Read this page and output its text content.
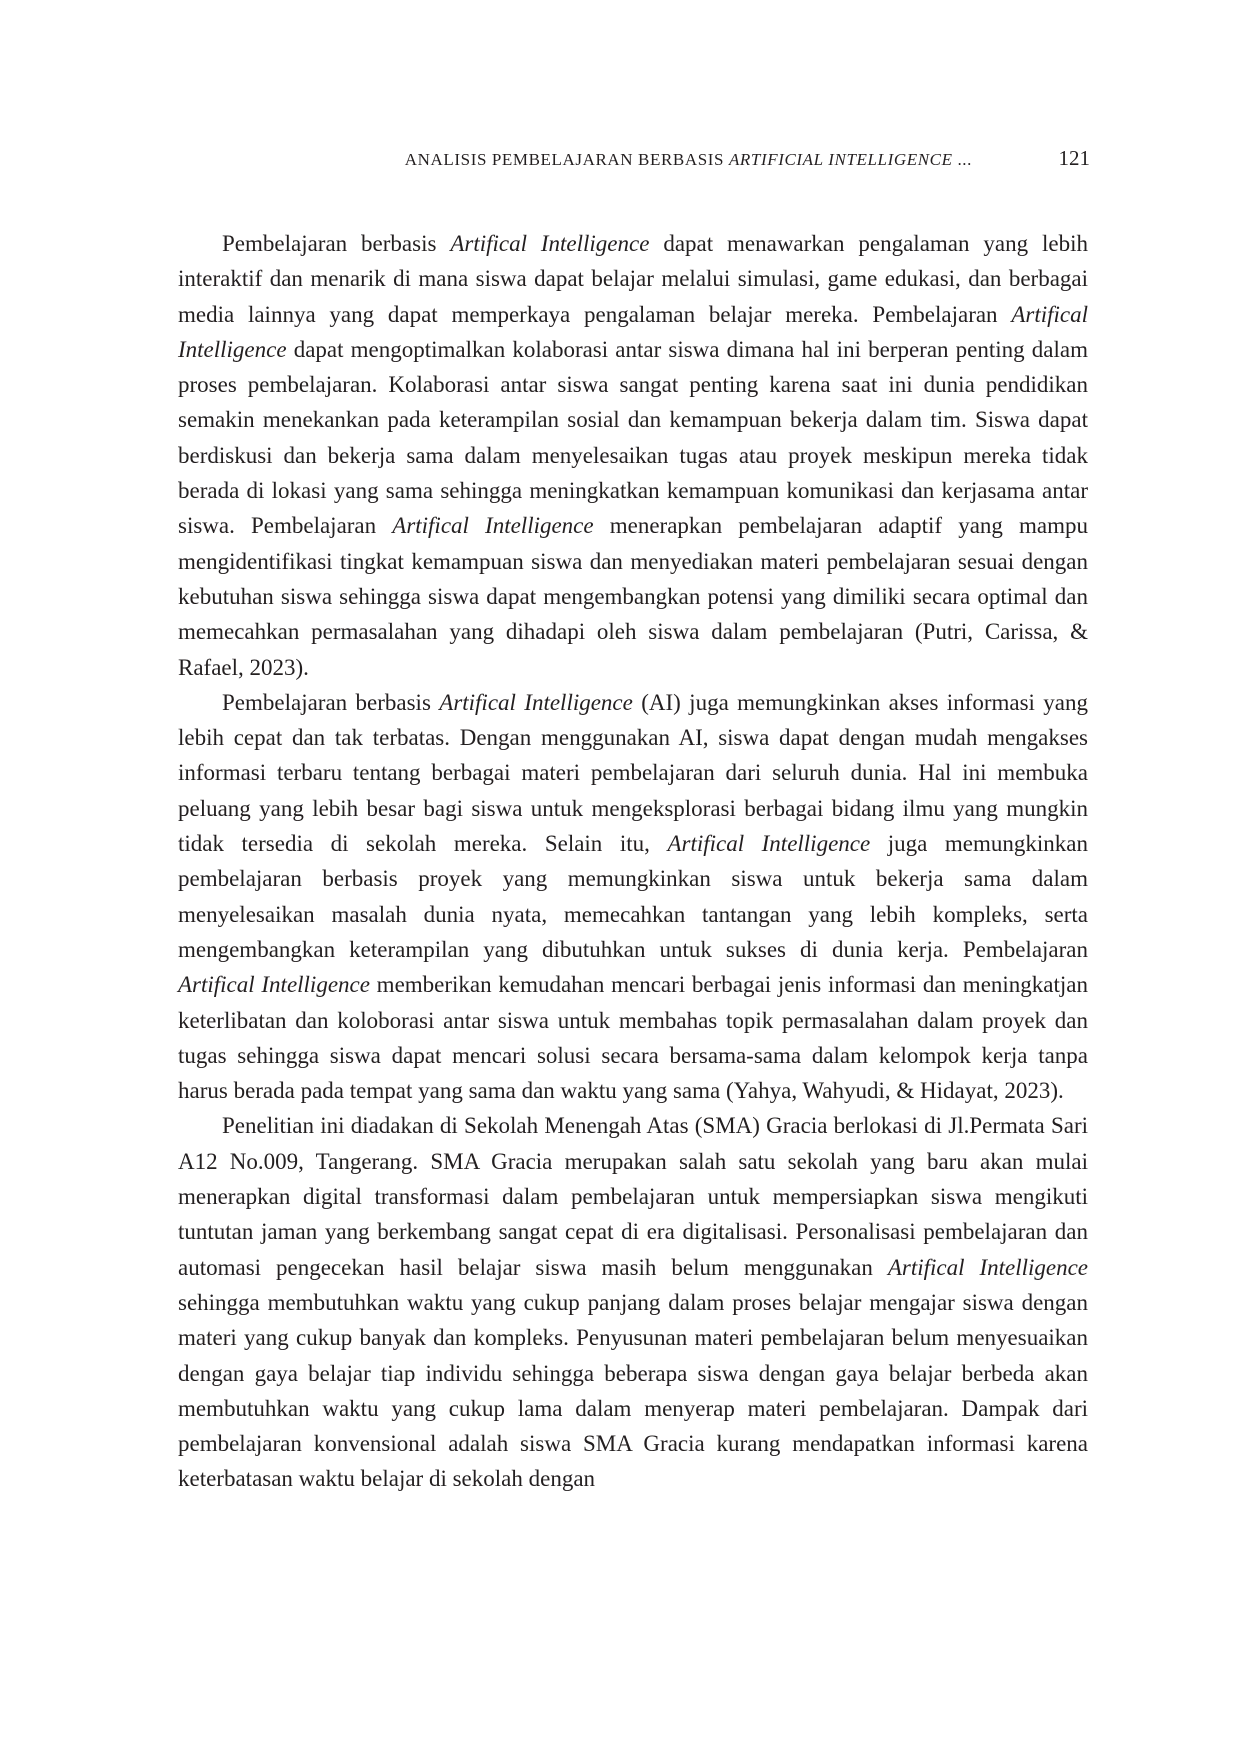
ANALISIS PEMBELAJARAN BERBASIS ARTIFICIAL INTELLIGENCE ...	121

Pembelajaran berbasis Artifical Intelligence dapat menawarkan pengalaman yang lebih interaktif dan menarik di mana siswa dapat belajar melalui simulasi, game edukasi, dan berbagai media lainnya yang dapat memperkaya pengalaman belajar mereka. Pembelajaran Artifical Intelligence dapat mengoptimalkan kolaborasi antar siswa dimana hal ini berperan penting dalam proses pembelajaran. Kolaborasi antar siswa sangat penting karena saat ini dunia pendidikan semakin menekankan pada keterampilan sosial dan kemampuan bekerja dalam tim. Siswa dapat berdiskusi dan bekerja sama dalam menyelesaikan tugas atau proyek meskipun mereka tidak berada di lokasi yang sama sehingga meningkatkan kemampuan komunikasi dan kerjasama antar siswa. Pembelajaran Artifical Intelligence menerapkan pembelajaran adaptif yang mampu mengidentifikasi tingkat kemampuan siswa dan menyediakan materi pembelajaran sesuai dengan kebutuhan siswa sehingga siswa dapat mengembangkan potensi yang dimiliki secara optimal dan memecahkan permasalahan yang dihadapi oleh siswa dalam pembelajaran (Putri, Carissa, & Rafael, 2023).

Pembelajaran berbasis Artifical Intelligence (AI) juga memungkinkan akses informasi yang lebih cepat dan tak terbatas. Dengan menggunakan AI, siswa dapat dengan mudah mengakses informasi terbaru tentang berbagai materi pembelajaran dari seluruh dunia. Hal ini membuka peluang yang lebih besar bagi siswa untuk mengeksplorasi berbagai bidang ilmu yang mungkin tidak tersedia di sekolah mereka. Selain itu, Artifical Intelligence juga memungkinkan pembelajaran berbasis proyek yang memungkinkan siswa untuk bekerja sama dalam menyelesaikan masalah dunia nyata, memecahkan tantangan yang lebih kompleks, serta mengembangkan keterampilan yang dibutuhkan untuk sukses di dunia kerja. Pembelajaran Artifical Intelligence memberikan kemudahan mencari berbagai jenis informasi dan meningkatjan keterlibatan dan koloborasi antar siswa untuk membahas topik permasalahan dalam proyek dan tugas sehingga siswa dapat mencari solusi secara bersama-sama dalam kelompok kerja tanpa harus berada pada tempat yang sama dan waktu yang sama (Yahya, Wahyudi, & Hidayat, 2023).

Penelitian ini diadakan di Sekolah Menengah Atas (SMA) Gracia berlokasi di Jl.Permata Sari A12 No.009, Tangerang. SMA Gracia merupakan salah satu sekolah yang baru akan mulai menerapkan digital transformasi dalam pembelajaran untuk mempersiapkan siswa mengikuti tuntutan jaman yang berkembang sangat cepat di era digitalisasi. Personalisasi pembelajaran dan automasi pengecekan hasil belajar siswa masih belum menggunakan Artifical Intelligence sehingga membutuhkan waktu yang cukup panjang dalam proses belajar mengajar siswa dengan materi yang cukup banyak dan kompleks. Penyusunan materi pembelajaran belum menyesuaikan dengan gaya belajar tiap individu sehingga beberapa siswa dengan gaya belajar berbeda akan membutuhkan waktu yang cukup lama dalam menyerap materi pembelajaran. Dampak dari pembelajaran konvensional adalah siswa SMA Gracia kurang mendapatkan informasi karena keterbatasan waktu belajar di sekolah dengan
